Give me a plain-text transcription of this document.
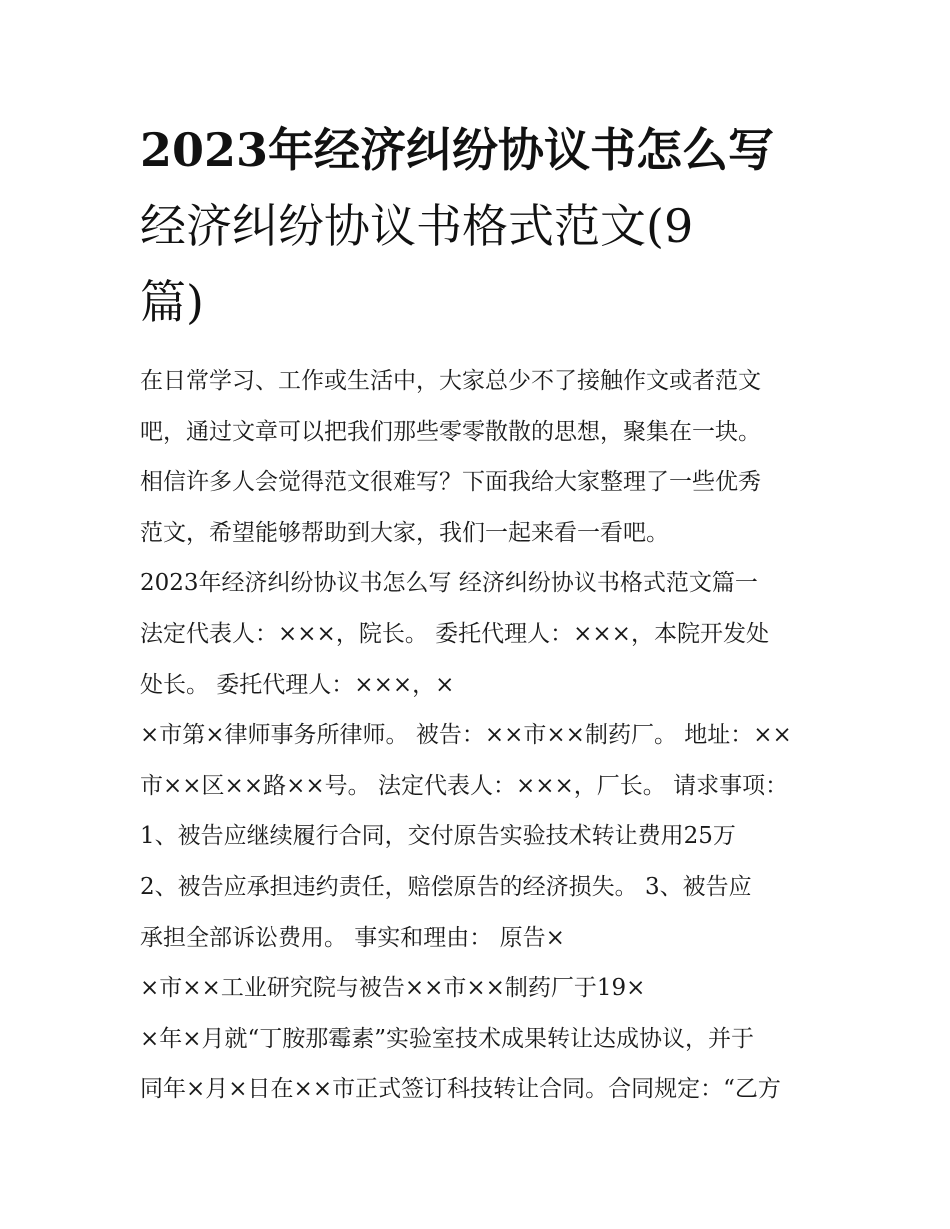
2023年经济纠纷协议书怎么写
经济纠纷协议书格式范文(9
篇)
在日常学习、工作或生活中，大家总少不了接触作文或者范文
吧，通过文章可以把我们那些零零散散的思想，聚集在一块。
相信许多人会觉得范文很难写？下面我给大家整理了一些优秀
范文，希望能够帮助到大家，我们一起来看一看吧。
2023年经济纠纷协议书怎么写 经济纠纷协议书格式范文篇一
法定代表人：×××，院长。 委托代理人：×××，本院开发处
处长。 委托代理人：×××，×
×市第×律师事务所律师。 被告：××市××制药厂。 地址：××
市××区××路××号。 法定代表人：×××，厂长。 请求事项：
1、被告应继续履行合同，交付原告实验技术转让费用25万
2、被告应承担违约责任，赔偿原告的经济损失。 3、被告应
承担全部诉讼费用。 事实和理由： 原告×
×市××工业研究院与被告××市××制药厂于19×
×年×月就“丁胺那霉素”实验室技术成果转让达成协议，并于
同年×月×日在××市正式签订科技转让合同。合同规定：“乙方
